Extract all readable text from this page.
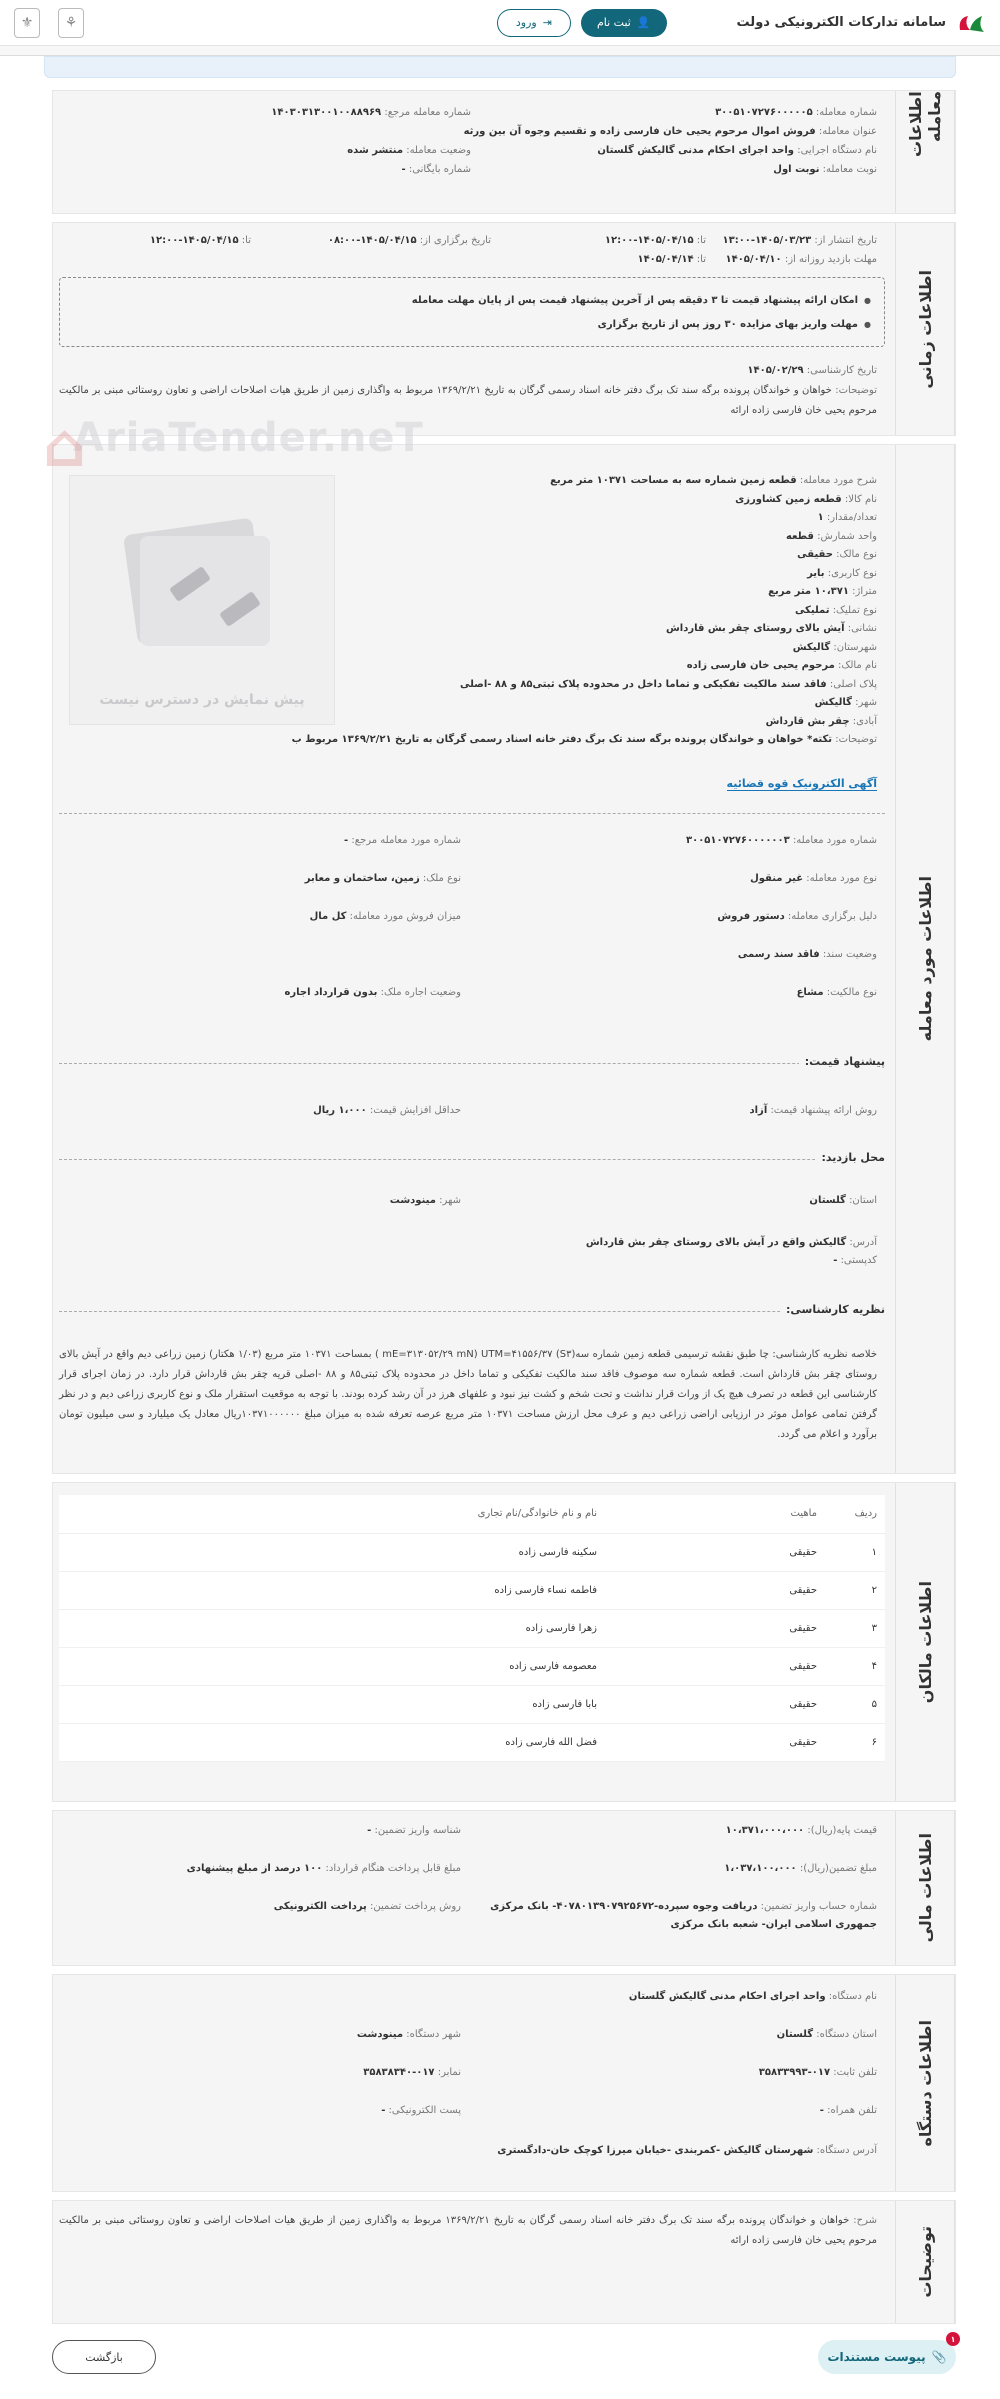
سامانه تدارکات الکترونیکی دولت
👤
ثبت نام
⇥
ورود
⚘
⚜
اطلاعات معامله
شماره معامله: ۳۰۰۵۱۰۷۲۷۶۰۰۰۰۰۵
شماره معامله مرجع: ۱۴۰۳۰۳۱۳۰۰۱۰۰۸۸۹۶۹
عنوان معامله: فروش اموال مرحوم یحیی خان فارسی زاده و تقسیم وجوه آن بین ورثه
نام دستگاه اجرایی: واحد اجرای احکام مدنی گالیکش گلستان
وضعیت معامله: منتشر شده
نوبت معامله: نوبت اول
شماره بایگانی: -
اطلاعات زمانی
تاریخ انتشار از: ۱۴۰۵/۰۳/۲۳-۱۳:۰۰
تا: ۱۴۰۵/۰۴/۱۵-۱۲:۰۰
تاریخ برگزاری از: ۱۴۰۵/۰۴/۱۵-۰۸:۰۰
تا: ۱۴۰۵/۰۴/۱۵-۱۲:۰۰
مهلت بازدید روزانه از: ۱۴۰۵/۰۴/۱۰
تا: ۱۴۰۵/۰۴/۱۴
● امکان ارائه پیشنهاد قیمت تا ۳ دقیقه پس از آخرین پیشنهاد قیمت پس از پایان مهلت معامله
● مهلت واریز بهای مزایده ۳۰ روز پس از تاریخ برگزاری
تاریخ کارشناسی: ۱۴۰۵/۰۲/۲۹
توضیحات: خواهان و خواندگان پرونده برگه سند تک برگ دفتر خانه اسناد رسمی گرگان به تاریخ ۱۳۶۹/۲/۲۱ مربوط به واگذاری زمین از طریق هیات اصلاحات اراضی و تعاون روستائی مبنی بر مالکیت مرحوم یحیی خان فارسی زاده ارائه
اطلاعات مورد معامله
پیش نمایش در دسترس نیست
AriaTender.neT
⌂	شرح مورد معامله: قطعه زمین شماره سه به مساحت ۱۰۳۷۱ متر مربع
نام کالا: قطعه زمین کشاورزی
تعداد/مقدار: ۱
واحد شمارش: قطعه
نوع مالک: حقیقی
نوع کاربری: بایر
متراژ: ۱۰،۳۷۱ متر مربع
نوع تملیک: تملیکی
نشانی: آیش بالای روستای چقر بش قارداش
شهرستان: گالیکش
نام مالک: مرحوم یحیی خان فارسی زاده
پلاک اصلی: فاقد سند مالکیت تفکیکی و تماما داخل در محدوده پلاک ثبتی۸۵ و ۸۸ -اصلی
شهر: گالیکش
آبادی: چقر بش قارداش
توضیحات: تکته* خواهان و خواندگان پرونده برگه سند تک برگ دفتر خانه اسناد رسمی گرگان به تاریخ ۱۳۶۹/۲/۲۱ مربوط ب
آگهی الکترونیک قوه قضائیه
شماره مورد معامله: ۳۰۰۵۱۰۷۲۷۶۰۰۰۰۰۰۳
شماره مورد معامله مرجع: -
نوع مورد معامله: غیر منقول
نوع ملک: زمین، ساختمان و معابر
دلیل برگزاری معامله: دستور فروش
میزان فروش مورد معامله: کل مال
وضعیت سند: فاقد سند رسمی
نوع مالکیت: مشاع
وضعیت اجاره ملک: بدون قرارداد اجاره
پیشنهاد قیمت:
روش ارائه پیشنهاد قیمت: آزاد
حداقل افزایش قیمت: ۱،۰۰۰ ریال
محل بازدید:
استان: گلستان
شهر: مینودشت
آدرس: گالیکش واقع در آیش بالای روستای چقر بش قارداش
کدپستی: -
نظریه کارشناسی:
خلاصه نظریه کارشناسی: چا طبق نقشه ترسیمی قطعه زمین شماره سه(S۳) mE=۳۱۳۰۵۲/۲۹ mN) UTM=۴۱۵۵۶/۳۷ ) بمساحت ۱۰۳۷۱ متر مربع (۱/۰۳ هکتار) زمین زراعی دیم واقع در آیش بالای روستای چقر بش قارداش است. قطعه شماره سه موصوف فاقد سند مالکیت تفکیکی و تماما داخل در محدوده پلاک ثبتی۸۵ و ۸۸ -اصلی قریه چقر بش قارداش قرار دارد. در زمان اجرای قرار کارشناسی این قطعه در تصرف هیچ یک از وراث قرار نداشت و تحت شخم و کشت نیز نبود و علفهای هرز در آن رشد کرده بودند. با توجه به موقعیت استقرار ملک و نوع کاربری زراعی دیم و در نظر گرفتن تمامی عوامل موثر در ارزیابی اراضی زراعی دیم و عرف محل ارزش مساحت ۱۰۳۷۱ متر مربع عرصه تعرفه شده به میزان مبلغ ۱۰۳۷۱۰۰۰۰۰۰ریال معادل یک میلیارد و سی میلیون تومان برآورد و اعلام می گردد.
اطلاعات مالکان
ردیف	ماهیت	نام و نام خانوادگی/نام تجاری
۱	حقیقی	سکینه فارسی زاده
۲	حقیقی	فاطمه نساء فارسی زاده
۳	حقیقی	زهرا فارسی زاده
۴	حقیقی	معصومه فارسی زاده
۵	حقیقی	بابا فارسی زاده
۶	حقیقی	فضل الله فارسی زاده
اطلاعات مالی
قیمت پایه(ریال): ۱۰،۳۷۱،۰۰۰،۰۰۰
شناسه واریز تضمین: -
مبلغ تضمین(ریال): ۱،۰۳۷،۱۰۰،۰۰۰
مبلغ قابل پرداخت هنگام قرارداد: ۱۰۰ درصد از مبلغ پیشنهادی
شماره حساب واریز تضمین: دریافت وجوه سپرده-۴۰۷۸۰۱۳۹۰۷۹۲۵۶۷۲- بانک مرکزی
جمهوری اسلامی ایران- شعبه بانک مرکزی
روش پرداخت تضمین: پرداخت الکترونیکی
اطلاعات دستگاه
نام دستگاه: واحد اجرای احکام مدنی گالیکش گلستان
استان دستگاه: گلستان
شهر دستگاه: مینودشت
تلفن ثابت: ۰۱۷-۳۵۸۳۳۹۹۳
نمابر: ۰۱۷-۳۵۸۳۸۳۴۰
تلفن همراه: -
پست الکترونیکی: -
آدرس دستگاه: شهرستان گالیکش -کمربندی -خیابان میرزا کوچک خان-دادگستری
توضیحات
شرح: خواهان و خواندگان پرونده برگه سند تک برگ دفتر خانه اسناد رسمی گرگان به تاریخ ۱۳۶۹/۲/۲۱ مربوط به واگذاری زمین از طریق هیات اصلاحات اراضی و تعاون روستائی مبنی بر مالکیت مرحوم یحیی خان فارسی زاده ارائه
📎
پیوست مستندات
۱
بازگشت
